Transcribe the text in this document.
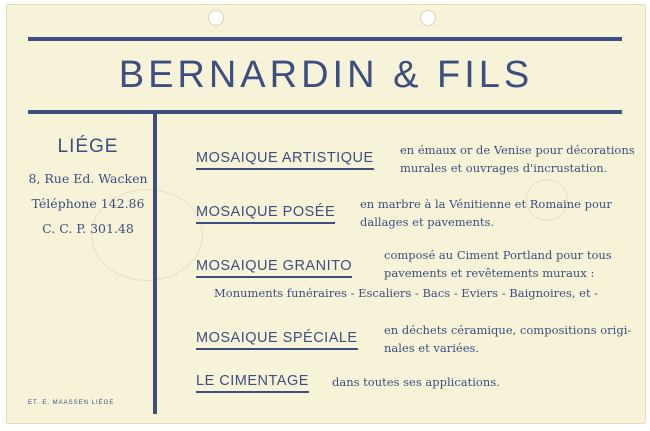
BERNARDIN & FILS
LIÉGE
8, Rue Ed. Wacken
Téléphone 142.86
C. C. P. 301.48
MOSAIQUE ARTISTIQUE en émaux or de Venise pour décorations
murales et ouvrages d'incrustation.
MOSAIQUE POSÉE en marbre à la Vénitienne et Romaine pour
dallages et pavements.
MOSAIQUE GRANITO
composé au Ciment Portland pour tous
pavements et revêtements muraux :
Monuments funéraires - Escaliers - Bacs - Eviers - Baignoires, et -
MOSAIQUE SPÉCIALE en déchets céramique, compositions origi-
nales et variées.
LE CIMENTAGE dans toutes ses applications.
ET. E. MAASSEN LIÉGE
